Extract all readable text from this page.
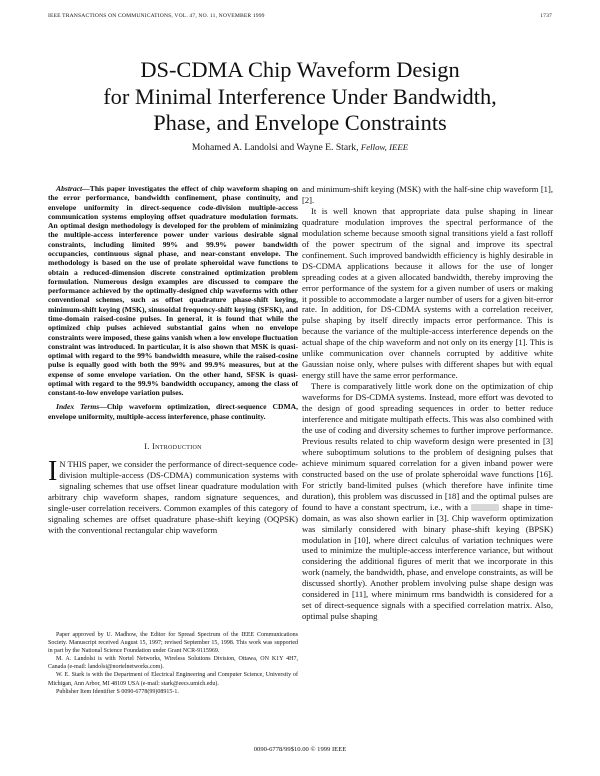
IEEE TRANSACTIONS ON COMMUNICATIONS, VOL. 47, NO. 11, NOVEMBER 1999	1737
DS-CDMA Chip Waveform Design
for Minimal Interference Under Bandwidth,
Phase, and Envelope Constraints
Mohamed A. Landolsi and Wayne E. Stark, Fellow, IEEE

Abstract—This paper investigates the effect of chip waveform shaping on the error performance, bandwidth confinement, phase continuity, and envelope uniformity in direct-sequence code-division multiple-access communication systems employing offset quadrature modulation formats. An optimal design methodology is developed for the problem of minimizing the multiple-access interference power under various desirable signal constraints, including limited 99% and 99.9% power bandwidth occupancies, continuous signal phase, and near-constant envelope. The methodology is based on the use of prolate spheroidal wave functions to obtain a reduced-dimension discrete constrained optimization problem formulation. Numerous design examples are discussed to compare the performance achieved by the optimally-designed chip waveforms with other conventional schemes, such as offset quadrature phase-shift keying, minimum-shift keying (MSK), sinusoidal frequency-shift keying (SFSK), and time-domain raised-cosine pulses. In general, it is found that while the optimized chip pulses achieved substantial gains when no envelope constraints were imposed, these gains vanish when a low envelope fluctuation constraint was introduced. In particular, it is also shown that MSK is quasi-optimal with regard to the 99% bandwidth measure, while the raised-cosine pulse is equally good with both the 99% and 99.9% measures, but at the expense of some envelope variation. On the other hand, SFSK is quasi-optimal with regard to the 99.9% bandwidth occupancy, among the class of constant-to-low envelope variation pulses.

Index Terms—Chip waveform optimization, direct-sequence CDMA, envelope uniformity, multiple-access interference, phase continuity.

I. Introduction

I N THIS paper, we consider the performance of direct-sequence code-division multiple-access (DS-CDMA) communication systems with signaling schemes that use offset linear quadrature modulation with arbitrary chip waveform shapes, random signature sequences, and single-user correlation receivers. Common examples of this category of signaling schemes are offset quadrature phase-shift keying (OQPSK) with the conventional rectangular chip waveform

Paper approved by U. Madhow, the Editor for Spread Spectrum of the IEEE Communications Society. Manuscript received August 15, 1997; revised September 15, 1998. This work was supported in part by the National Science Foundation under Grant NCR-9115969.

M. A. Landolsi is with Nortel Networks, Wireless Solutions Division, Ottawa, ON K1Y 4H7, Canada (e-mail: landolsi@nortelnetworks.com).

W. E. Stark is with the Department of Electrical Engineering and Computer Science, University of Michigan, Ann Arbor, MI 48109 USA (e-mail: stark@eecs.umich.edu).

Publisher Item Identifier S 0090-6778(99)08915-1.

and minimum-shift keying (MSK) with the half-sine chip waveform [1], [2].

It is well known that appropriate data pulse shaping in linear quadrature modulation improves the spectral performance of the modulation scheme because smooth signal transitions yield a fast rolloff of the power spectrum of the signal and improve its spectral confinement. Such improved bandwidth efficiency is highly desirable in DS-CDMA applications because it allows for the use of longer spreading codes at a given allocated bandwidth, thereby improving the error performance of the system for a given number of users or making it possible to accommodate a larger number of users for a given bit-error rate. In addition, for DS-CDMA systems with a correlation receiver, pulse shaping by itself directly impacts error performance. This is because the variance of the multiple-access interference depends on the actual shape of the chip waveform and not only on its energy [1]. This is unlike communication over channels corrupted by additive white Gaussian noise only, where pulses with different shapes but with equal energy still have the same error performance.

There is comparatively little work done on the optimization of chip waveforms for DS-CDMA systems. Instead, more effort was devoted to the design of good spreading sequences in order to better reduce interference and mitigate multipath effects. This was also combined with the use of coding and diversity schemes to further improve performance. Previous results related to chip waveform design were presented in [3] where suboptimum solutions to the problem of designing pulses that achieve minimum squared correlation for a given inband power were constructed based on the use of prolate spheroidal wave functions [16]. For strictly band-limited pulses (which therefore have infinite time duration), this problem was discussed in [18] and the optimal pulses are found to have a constant spectrum, i.e., with a	shape in time-domain, as was also shown earlier in [3]. Chip waveform optimization was similarly considered with binary phase-shift keying (BPSK) modulation in [10], where direct calculus of variation techniques were used to minimize the multiple-access interference variance, but without considering the additional figures of merit that we incorporate in this work (namely, the bandwidth, phase, and envelope constraints, as will be discussed shortly). Another problem involving pulse shape design was considered in [11], where minimum rms bandwidth is considered for a set of direct-sequence signals with a specified correlation matrix. Also, optimal pulse shaping

0090-6778/99$10.00 © 1999 IEEE
